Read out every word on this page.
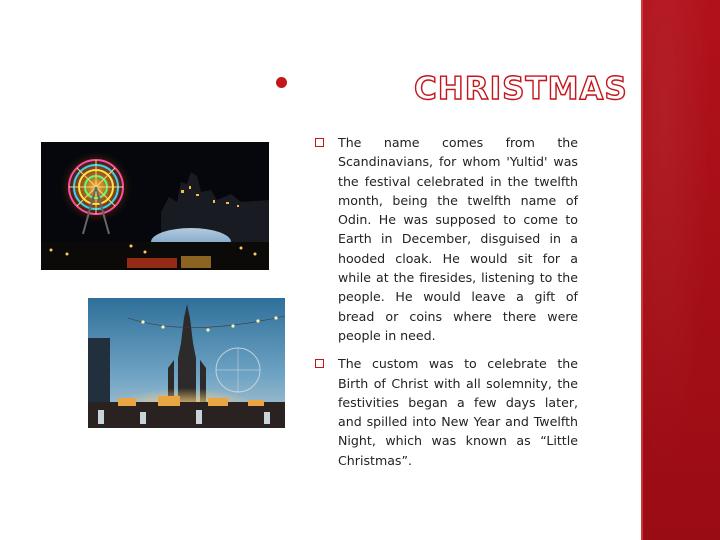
CHRISTMAS
The name comes from the Scandinavians, for whom 'Yultid' was the festival celebrated in the twelfth month, being the twelfth name of Odin. He was supposed to come to Earth in December, disguised in a hooded cloak. He would sit for a while at the firesides, listening to the people. He would leave a gift of bread or coins where there were people in need.
The custom was to celebrate the Birth of Christ with all solemnity, the festivities began a few days later, and spilled into New Year and Twelfth Night, which was known as “Little Christmas”.
